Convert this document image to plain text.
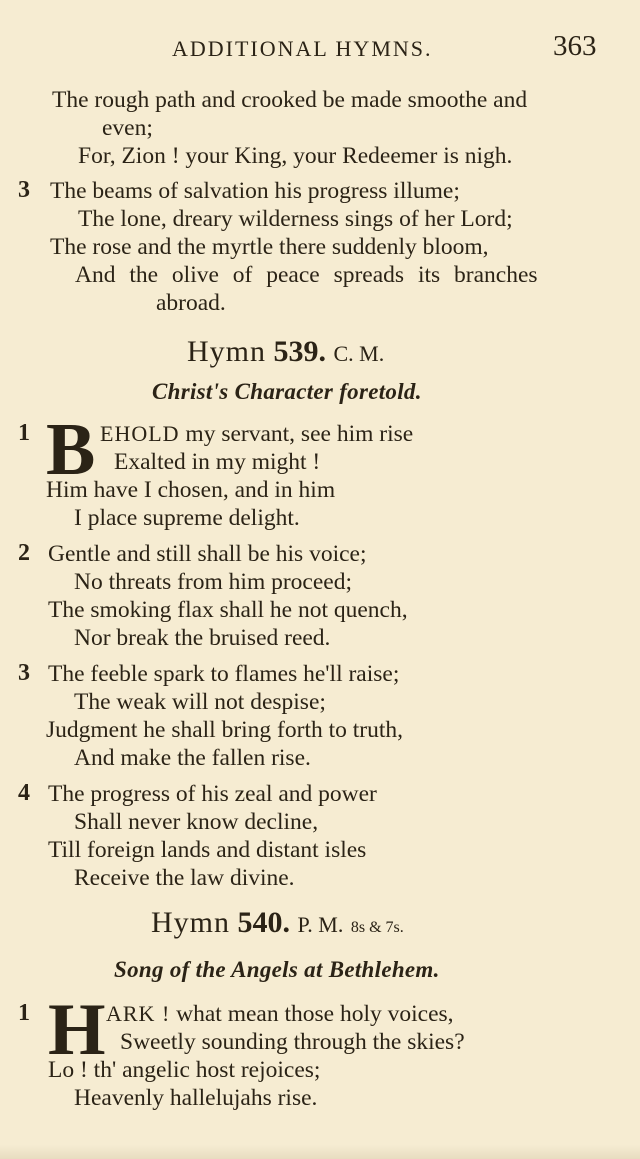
ADDITIONAL HYMNS.	363
The rough path and crooked be made smoothe and
even;
For, Zion ! your King, your Redeemer is nigh.
3 The beams of salvation his progress illume;
The lone, dreary wilderness sings of her Lord;
The rose and the myrtle there suddenly bloom,
And the olive of peace spreads its branches
abroad.
Hymn 539. C. M.
Christ's Character foretold.
1 B EHOLD my servant, see him rise
Exalted in my might !
Him have I chosen, and in him
I place supreme delight.
2 Gentle and still shall be his voice;
No threats from him proceed;
The smoking flax shall he not quench,
Nor break the bruised reed.
3 The feeble spark to flames he'll raise;
The weak will not despise;
Judgment he shall bring forth to truth,
And make the fallen rise.
4 The progress of his zeal and power
Shall never know decline,
Till foreign lands and distant isles
Receive the law divine.
Hymn 540. P. M. 8s & 7s.
Song of the Angels at Bethlehem.
1 H ARK ! what mean those holy voices,
Sweetly sounding through the skies?
Lo ! th' angelic host rejoices;
Heavenly hallelujahs rise.
